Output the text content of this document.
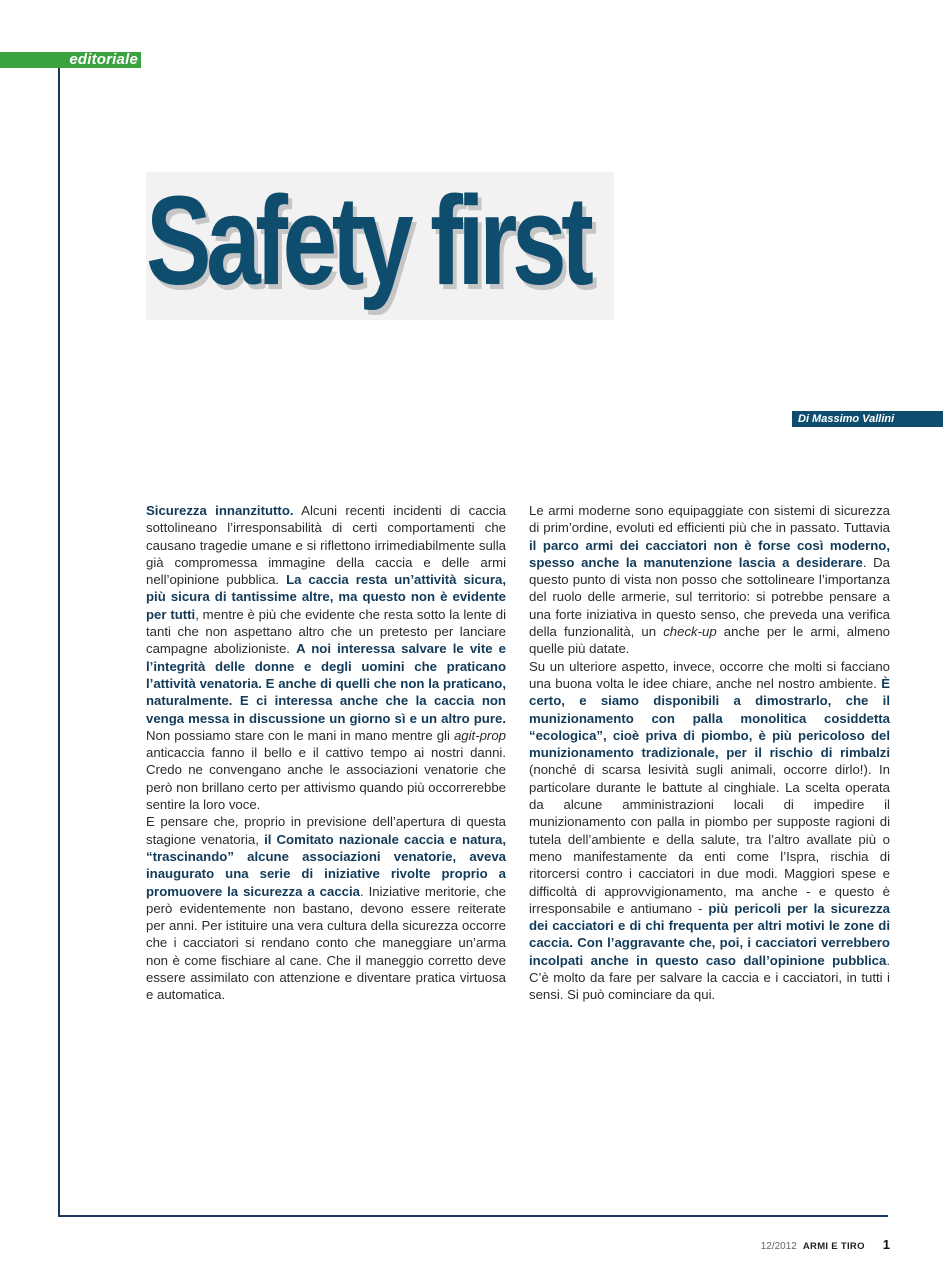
editoriale
Safety first
Di Massimo Vallini

Sicurezza innanzitutto. Alcuni recenti incidenti di caccia sottolineano l’irresponsabilità di certi comportamenti che causano tragedie umane e si riflettono irrimediabilmente sulla già compromessa immagine della caccia e delle armi nell’opinione pubblica. La caccia resta un’attività sicura, più sicura di tantissime altre, ma questo non è evidente per tutti, mentre è più che evidente che resta sotto la lente di tanti che non aspettano altro che un pretesto per lanciare campagne abolizioniste. A noi interessa salvare le vite e l’integrità delle donne e degli uomini che praticano l’attività venatoria. E anche di quelli che non la praticano, naturalmente. E ci interessa anche che la caccia non venga messa in discussione un giorno sì e un altro pure. Non possiamo stare con le mani in mano mentre gli agit-prop anticaccia fanno il bello e il cattivo tempo ai nostri danni. Credo ne convengano anche le associazioni venatorie che però non brillano certo per attivismo quando più occorrerebbe sentire la loro voce.

E pensare che, proprio in previsione dell’apertura di questa stagione venatoria, il Comitato nazionale caccia e natura, “trascinando” alcune associazioni venatorie, aveva inaugurato una serie di iniziative rivolte proprio a promuovere la sicurezza a caccia. Iniziative meritorie, che però evidentemente non bastano, devono essere reiterate per anni. Per istituire una vera cultura della sicurezza occorre che i cacciatori si rendano conto che maneggiare un’arma non è come fischiare al cane. Che il maneggio corretto deve essere assimilato con attenzione e diventare pratica virtuosa e automatica.

Le armi moderne sono equipaggiate con sistemi di sicurezza di prim’ordine, evoluti ed efficienti più che in passato. Tuttavia il parco armi dei cacciatori non è forse così moderno, spesso anche la manutenzione lascia a desiderare. Da questo punto di vista non posso che sottolineare l’importanza del ruolo delle armerie, sul territorio: si potrebbe pensare a una forte iniziativa in questo senso, che preveda una verifica della funzionalità, un check-up anche per le armi, almeno quelle più datate.

Su un ulteriore aspetto, invece, occorre che molti si facciano una buona volta le idee chiare, anche nel nostro ambiente. È certo, e siamo disponibili a dimostrarlo, che il munizionamento con palla monolitica cosiddetta “ecologica”, cioè priva di piombo, è più pericoloso del munizionamento tradizionale, per il rischio di rimbalzi (nonché di scarsa lesività sugli animali, occorre dirlo!). In particolare durante le battute al cinghiale. La scelta operata da alcune amministrazioni locali di impedire il munizionamento con palla in piombo per supposte ragioni di tutela dell’ambiente e della salute, tra l’altro avallate più o meno manifestamente da enti come l’Ispra, rischia di ritorcersi contro i cacciatori in due modi. Maggiori spese e difficoltà di approvvigionamento, ma anche - e questo è irresponsabile e antiumano - più pericoli per la sicurezza dei cacciatori e di chi frequenta per altri motivi le zone di caccia. Con l’aggravante che, poi, i cacciatori verrebbero incolpati anche in questo caso dall’opinione pubblica. C’è molto da fare per salvare la caccia e i cacciatori, in tutti i sensi. Si può cominciare da qui.

12/2012 ARMI E TIRO 1
